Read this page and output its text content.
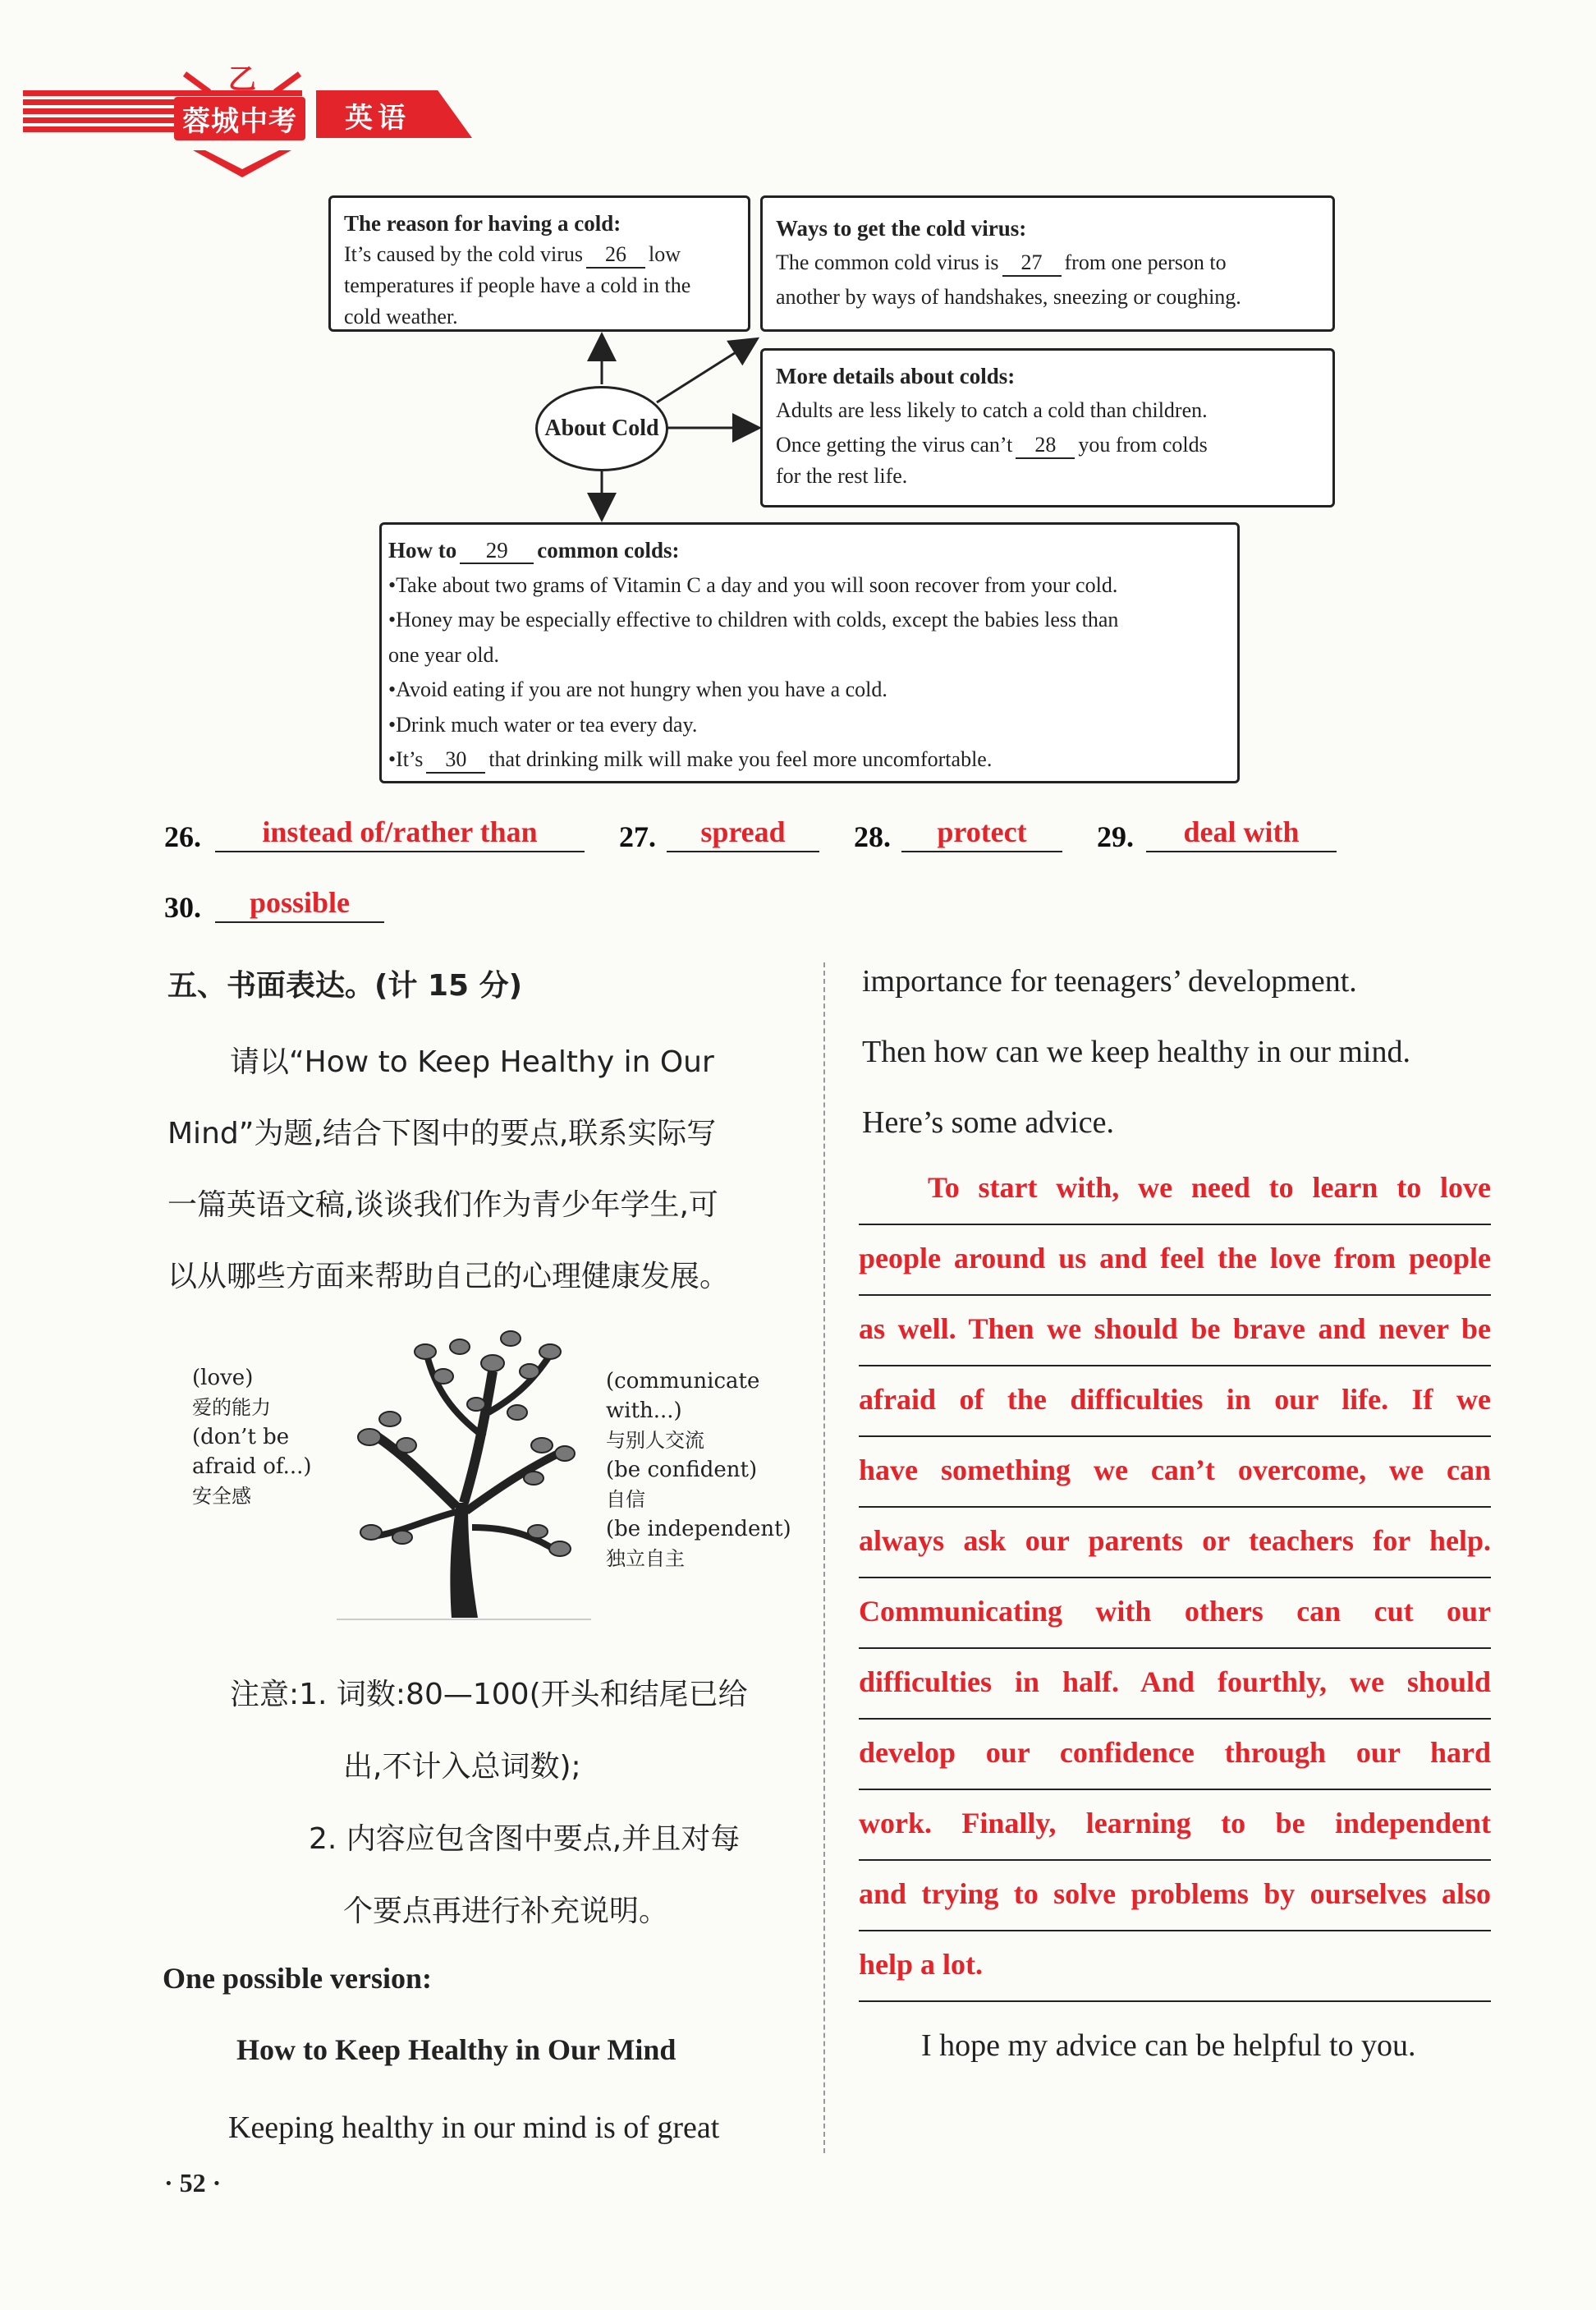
乙
蓉城中考 英语
The reason for having a cold:
It’s caused by the cold virus 26 low
temperatures if people have a cold in the
cold weather.
Ways to get the cold virus:
The common cold virus is 27 from one person to
another by ways of handshakes, sneezing or coughing.
About Cold
More details about colds:
Adults are less likely to catch a cold than children.
Once getting the virus can’t 28 you from colds
for the rest life.
How to 29 common colds:
•Take about two grams of Vitamin C a day and you will soon recover from your cold.
•Honey may be especially effective to children with colds, except the babies less than
one year old.
•Avoid eating if you are not hungry when you have a cold.
•Drink much water or tea every day.
•It’s 30 that drinking milk will make you feel more uncomfortable.
26.	instead of/rather than	27.	spread	28.	protect	29.	deal with
30.	possible
五、书面表达。(计 15 分)
请以“How to Keep Healthy in Our
Mind”为题,结合下图中的要点,联系实际写
一篇英语文稿,谈谈我们作为青少年学生,可
以从哪些方面来帮助自己的心理健康发展。
(love)
爱的能力
(don’t be
afraid of...)
安全感
(communicate
with...)
与别人交流
(be confident)
自信
(be independent)
独立自主
注意:1. 词数:80—100(开头和结尾已给
出,不计入总词数);
2. 内容应包含图中要点,并且对每
个要点再进行补充说明。
One possible version:
How to Keep Healthy in Our Mind
Keeping healthy in our mind is of great
importance for teenagers’ development.
Then how can we keep healthy in our mind.
Here’s some advice.
To start with, we need to learn to love
people around us and feel the love from people
as well. Then we should be brave and never be
afraid of the difficulties in our life. If we
have something we can’t overcome, we can
always ask our parents or teachers for help.
Communicating with others can cut our
difficulties in half. And fourthly, we should
develop our confidence through our hard
work. Finally, learning to be independent
and trying to solve problems by ourselves also
help a lot.
I hope my advice can be helpful to you.
· 52 ·
